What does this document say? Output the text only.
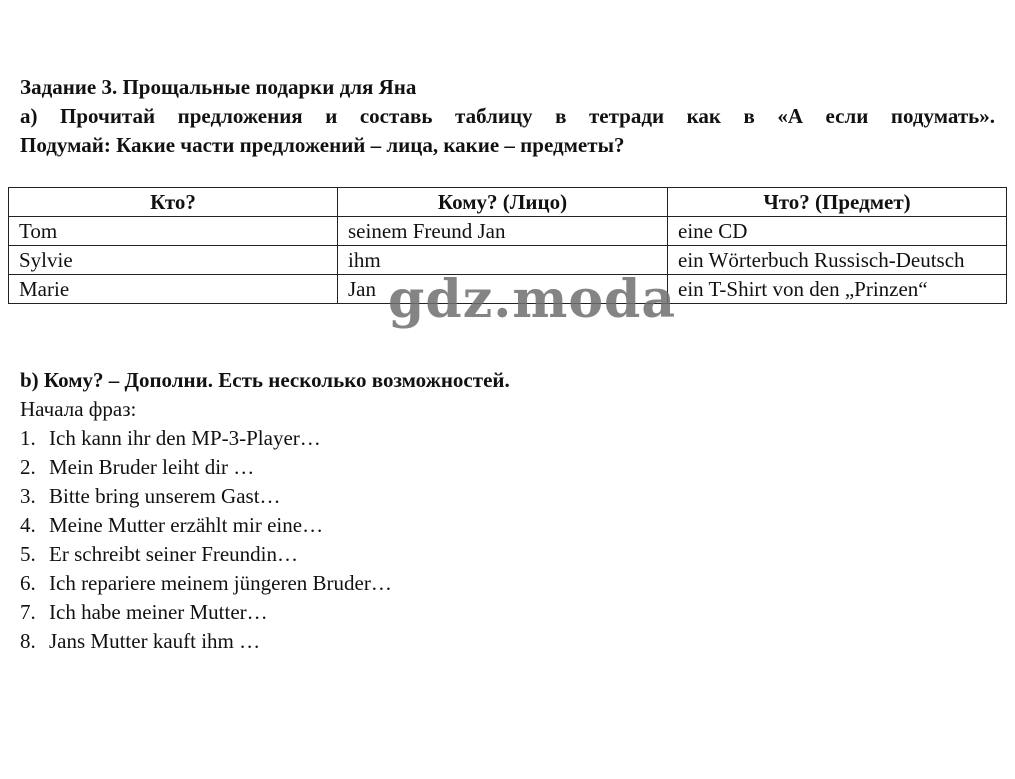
Задание 3. Прощальные подарки для Яна
а) Прочитай предложения и составь таблицу в тетради как в «А если подумать».
Подумай: Какие части предложений – лица, какие – предметы?
Кто?	Кому? (Лицо)	Что? (Предмет)
Tom	seinem Freund Jan	eine CD
Sylvie	ihm	ein Wörterbuch Russisch-Deutsch
Marie	Jan	ein T-Shirt von den „Prinzen“
b) Кому? – Дополни. Есть несколько возможностей.
Начала фраз:
1. Ich kann ihr den MP-3-Player…
2. Mein Bruder leiht dir …
3. Bitte bring unserem Gast…
4. Meine Mutter erzählt mir eine…
5. Er schreibt seiner Freundin…
6. Ich repariere meinem jüngeren Bruder…
7. Ich habe meiner Mutter…
8. Jans Mutter kauft ihm …
gdz.moda
